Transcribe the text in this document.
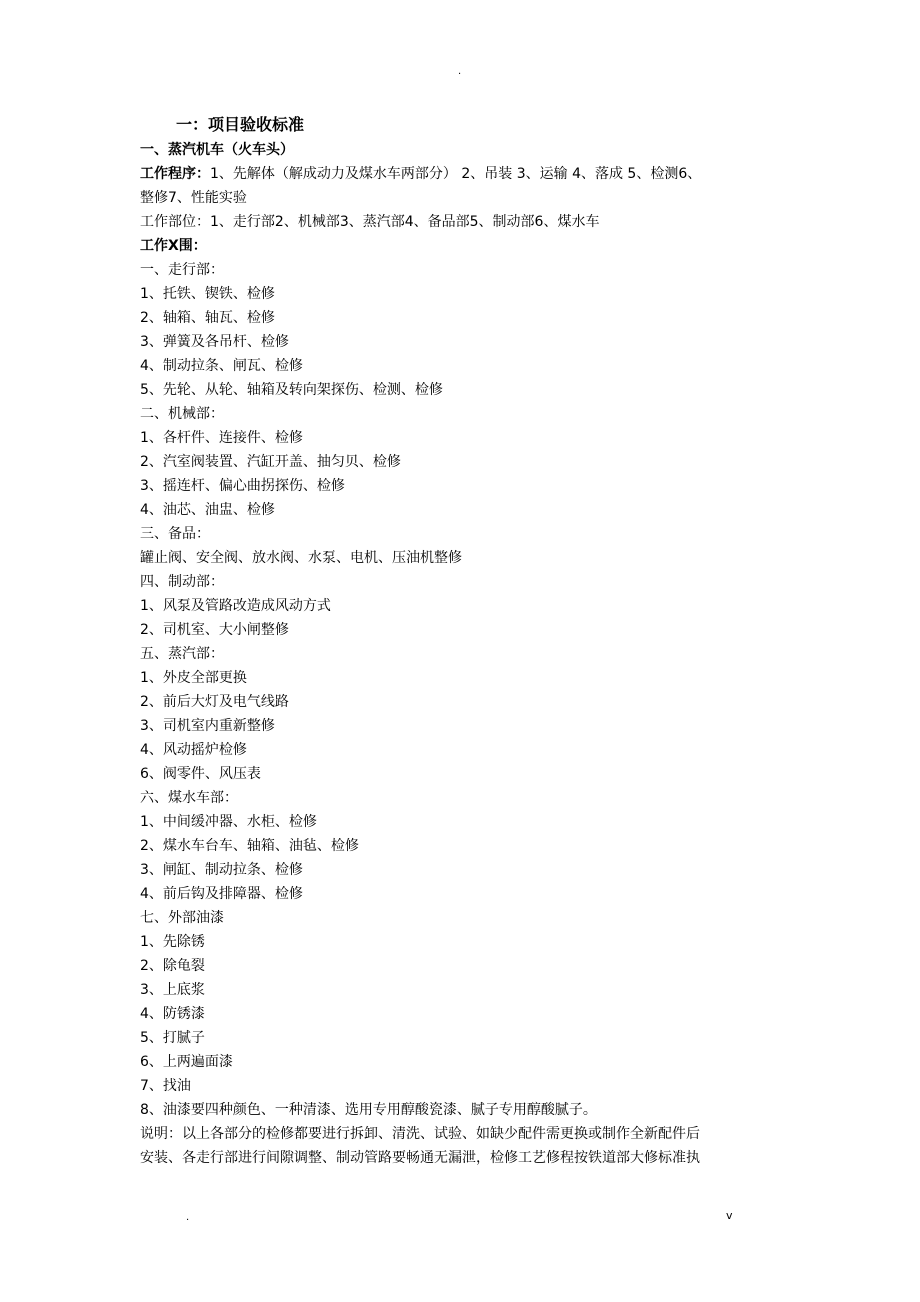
.
一：项目验收标准
一、蒸汽机车（火车头）
工作程序：1、先解体（解成动力及煤水车两部分） 2、吊装 3、运输 4、落成 5、检测6、
整修7、性能实验
工作部位：1、走行部2、机械部3、蒸汽部4、备品部5、制动部6、煤水车
工作X围：
一、走行部：
1、托铁、锲铁、检修
2、轴箱、轴瓦、检修
3、弹簧及各吊杆、检修
4、制动拉条、闸瓦、检修
5、先轮、从轮、轴箱及转向架探伤、检测、检修
二、机械部：
1、各杆件、连接件、检修
2、汽室阀装置、汽缸开盖、抽匀贝、检修
3、摇连杆、偏心曲拐探伤、检修
4、油芯、油盅、检修
三、备品：
罐止阀、安全阀、放水阀、水泵、电机、压油机整修
四、制动部：
1、风泵及管路改造成风动方式
2、司机室、大小闸整修
五、蒸汽部：
1、外皮全部更换
2、前后大灯及电气线路
3、司机室内重新整修
4、风动摇炉检修
6、阀零件、风压表
六、煤水车部：
1、中间缓冲器、水柜、检修
2、煤水车台车、轴箱、油毡、检修
3、闸缸、制动拉条、检修
4、前后钩及排障器、检修
七、外部油漆
1、先除锈
2、除龟裂
3、上底浆
4、防锈漆
5、打腻子
6、上两遍面漆
7、找油
8、油漆要四种颜色、一种清漆、选用专用醇酸瓷漆、腻子专用醇酸腻子。
说明：以上各部分的检修都要进行拆卸、清洗、试验、如缺少配件需更换或制作全新配件后
安装、各走行部进行间隙调整、制动管路要畅通无漏泄，检修工艺修程按铁道部大修标准执
.	v
